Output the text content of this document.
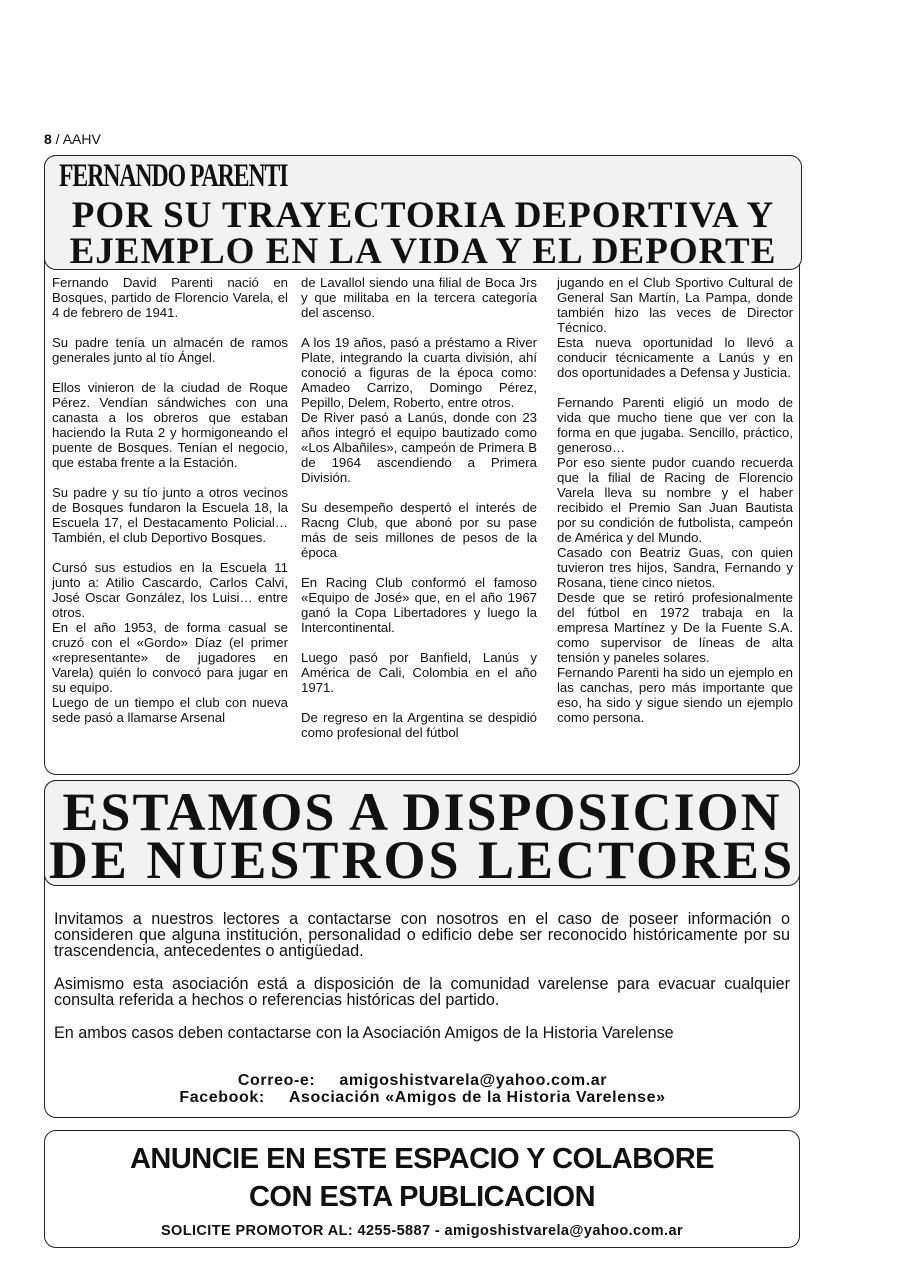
8 / AAHV
FERNANDO PARENTI
POR SU TRAYECTORIA DEPORTIVA Y
EJEMPLO EN LA VIDA Y EL DEPORTE

Fernando David Parenti nació en Bosques, partido de Florencio Varela, el 4 de febrero de 1941.

Su padre tenía un almacén de ramos generales junto al tío Ángel.

Ellos vinieron de la ciudad de Roque Pérez. Vendían sándwiches con una canasta a los obreros que estaban haciendo la Ruta 2 y hormigoneando el puente de Bosques. Tenían el negocio, que estaba frente a la Estación.

Su padre y su tío junto a otros vecinos de Bosques fundaron la Escuela 18, la Escuela 17, el Destacamento Policial… También, el club Deportivo Bosques.

Cursó sus estudios en la Escuela 11 junto a: Atilio Cascardo, Carlos Calvi, José Oscar González, los Luisi… entre otros.

En el año 1953, de forma casual se cruzó con el «Gordo» Díaz (el primer «representante» de jugadores en Varela) quién lo convocó para jugar en su equipo.

Luego de un tiempo el club con nueva sede pasó a llamarse Arsenal

de Lavallol siendo una filial de Boca Jrs y que militaba en la tercera categoría del ascenso.

A los 19 años, pasó a préstamo a River Plate, integrando la cuarta división, ahí conoció a figuras de la época como: Amadeo Carrizo, Domingo Pérez, Pepillo, Delem, Roberto, entre otros.

De River pasó a Lanús, donde con 23 años integró el equipo bautizado como «Los Albañiles», campeón de Primera B de 1964 ascendiendo a Primera División.

Su desempeño despertó el interés de Racng Club, que abonó por su pase más de seis millones de pesos de la época

En Racing Club conformó el famoso «Equipo de José» que, en el año 1967 ganó la Copa Libertadores y luego la Intercontinental.

Luego pasó por Banfield, Lanús y América de Cali, Colombia en el año 1971.

De regreso en la Argentina se despidió como profesional del fútbol

jugando en el Club Sportivo Cultural de General San Martín, La Pampa, donde también hizo las veces de Director Técnico.

Esta nueva oportunidad lo llevó a conducir técnicamente a Lanús y en dos oportunidades a Defensa y Justicia.

Fernando Parenti eligió un modo de vida que mucho tiene que ver con la forma en que jugaba. Sencillo, práctico, generoso…

Por eso siente pudor cuando recuerda que la filial de Racing de Florencio Varela lleva su nombre y el haber recibido el Premio San Juan Bautista por su condición de futbolista, campeón de América y del Mundo.

Casado con Beatriz Guas, con quien tuvieron tres hijos, Sandra, Fernando y Rosana, tiene cinco nietos.

Desde que se retiró profesionalmente del fútbol en 1972 trabaja en la empresa Martínez y De la Fuente S.A. como supervisor de líneas de alta tensión y paneles solares.

Fernando Parenti ha sido un ejemplo en las canchas, pero más importante que eso, ha sido y sigue siendo un ejemplo como persona.

ESTAMOS A DISPOSICION
DE NUESTROS LECTORES

Invitamos a nuestros lectores a contactarse con nosotros en el caso de poseer información o consideren que alguna institución, personalidad o edificio debe ser reconocido históricamente por su trascendencia, antecedentes o antigüedad.

Asimismo esta asociación está a disposición de la comunidad varelense para evacuar cualquier consulta referida a hechos o referencias históricas del partido.

En ambos casos deben contactarse con la Asociación Amigos de la Historia Varelense

Correo-e: amigoshistvarela@yahoo.com.ar
Facebook: Asociación «Amigos de la Historia Varelense»
ANUNCIE EN ESTE ESPACIO Y COLABORE
CON ESTA PUBLICACION
SOLICITE PROMOTOR AL: 4255-5887 - amigoshistvarela@yahoo.com.ar
